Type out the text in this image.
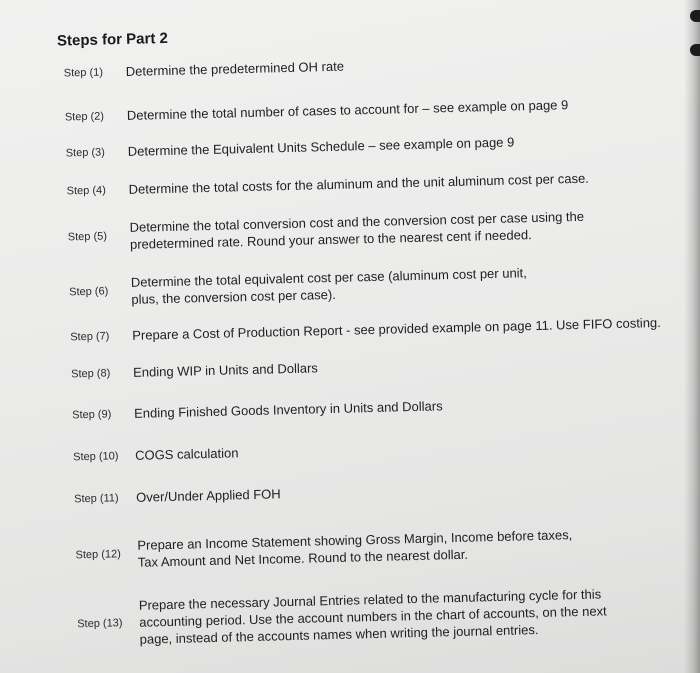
Steps for Part 2
Step (1)	Determine the predetermined OH rate
Step (2)	Determine the total number of cases to account for – see example on page 9
Step (3)	Determine the Equivalent Units Schedule – see example on page 9
Step (4)	Determine the total costs for the aluminum and the unit aluminum cost per case.
Step (5)
Determine the total conversion cost and the conversion cost per case using the
predetermined rate. Round your answer to the nearest cent if needed.
Step (6)
Determine the total equivalent cost per case (aluminum cost per unit,
plus, the conversion cost per case).
Step (7)	Prepare a Cost of Production Report - see provided example on page 11. Use FIFO costing.
Step (8)	Ending WIP in Units and Dollars
Step (9)	Ending Finished Goods Inventory in Units and Dollars
Step (10)	COGS calculation
Step (11)	Over/Under Applied FOH
Step (12)
Prepare an Income Statement showing Gross Margin, Income before taxes,
Tax Amount and Net Income. Round to the nearest dollar.
Step (13)
Prepare the necessary Journal Entries related to the manufacturing cycle for this
accounting period. Use the account numbers in the chart of accounts, on the next
page, instead of the accounts names when writing the journal entries.
